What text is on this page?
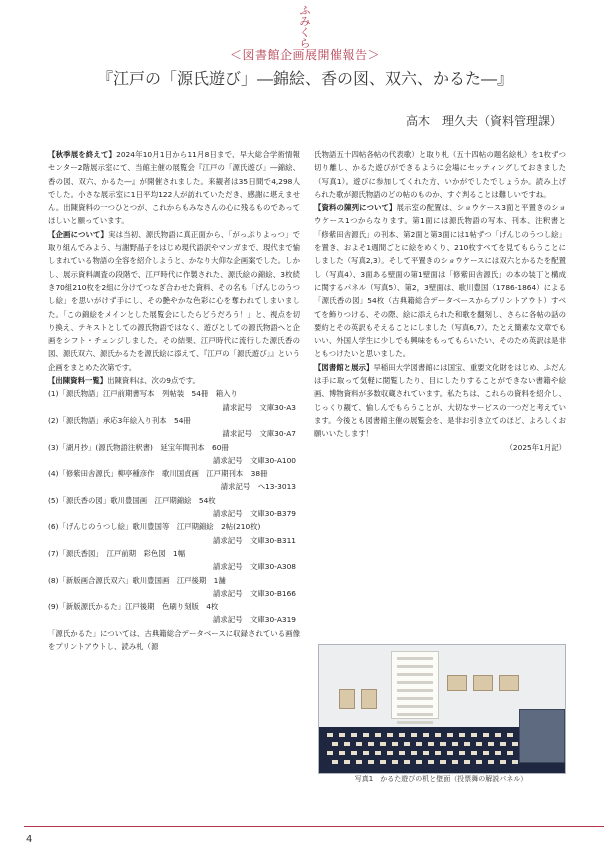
ふ
み
く
ら
＜図書館企画展開催報告＞
『江戸の「源氏遊び」―錦絵、香の図、双六、かるた―』
高木　理久夫（資料管理課）

【秋季展を終えて】2024年10月1日から11月8日まで、早大総合学術情報センター2階展示室にて、当館主催の展覧会『江戸の「源氏遊び」―錦絵、香の図、双六、かるた―』が開催されました。来観者は35日間で4,298人でした。小さな展示室に1日平均122人が訪れていただき、感謝に堪えません。出陳資料の一つひとつが、これからもみなさんの心に残るものであってほしいと願っています。

【企画について】実は当初、源氏物語に真正面から、「がっぷりよっつ」で取り組んでみよう、与謝野晶子をはじめ現代語訳やマンガまで、現代まで愉しまれている物語の全容を紹介しようと、かなり大仰な企画案でした。しかし、展示資料調査の段階で、江戸時代に作製された、源氏絵の錦絵、3枚続き70組210枚を2組に分けてつなぎ合わせた資料、その名も「げんじのうつし絵」を思いがけず手にし、その艶やかな色彩に心を奪われてしまいました。「この錦絵をメインとした展覧会にしたらどうだろう！」と、視点を切り換え、テキストとしての源氏物語ではなく、遊びとしての源氏物語へと企画をシフト・チェンジしました。その結果、江戸時代に流行した源氏香の図、源氏双六、源氏かるたを源氏絵に添えて、『江戸の「源氏遊び」』という企画をまとめた次第です。

【出陳資料一覧】出陳資料は、次の9点です。

(1)「源氏物語」江戸前期書写本　列帖装　54冊　箱入り
請求記号　文庫30-A3

(2)「源氏物語」承応3年絵入り刊本　54冊
請求記号　文庫30-A7

(3)「湖月抄」(源氏物語注釈書)　延宝年間刊本　60冊
請求記号　文庫30-A100

(4)「修紫田舎源氏」柳亭種彦作　歌川国貞画　江戸期刊本　38冊
請求記号　へ13-3013

(5)「源氏香の図」歌川豊国画　江戸期錦絵　54枚
請求記号　文庫30-B379

(6)「げんじのうつし絵」歌川豊国等　江戸期錦絵　2帖(210枚)
請求記号　文庫30-B311

(7)「源氏香図」　江戸前期　彩色図　1幅
請求記号　文庫30-A308

(8)「新版画合源氏双六」歌川豊国画　江戸後期　1舗
請求記号　文庫30-B166

(9)「新版源氏かるた」江戸後期　色刷り刻版　4枚
請求記号　文庫30-A319

「源氏かるた」については、古典籍総合データベースに収録されている画像をプリントアウトし、読み札（源

氏物語五十四帖各帖の代表歌）と取り札（五十四帖の題名絵札）を1枚ずつ切り離し、かるた遊びができるように会場にセッティングしておきました（写真1）。遊びに参加してくれた方、いかがでしたでしょうか。読み上げられた歌が源氏物語のどの帖のものか、すぐ判ることは難しいですね。

【資料の陳列について】展示室の配置は、ショウケース3面と平置きのショウケース1つからなります。第1面には源氏物語の写本、刊本、注釈書と「修紫田舎源氏」の刊本、第2面と第3面には1帖ずつ「げんじのうつし絵」を置き、およそ1週間ごとに絵をめくり、210枚すべてを見てもらうことにしました（写真2,3）。そして平置きのショウケースには双六とかるたを配置し（写真4）、3面ある壁面の第1壁面は「修紫田舎源氏」の本の装丁と構成に関するパネル（写真5）、第2，3壁面は、歌川豊国（1786-1864）による「源氏香の図」54枚（古典籍総合データベースからプリントアウト）すべてを飾りつける、その際、絵に添えられた和歌を翻刻し、さらに各帖の話の要約とその英訳もそえることにしました（写真6,7）。たとえ簡素な文章でもいい、外国人学生に少しでも興味をもってもらいたい、そのため英訳は是非ともつけたいと思いました。

【図書館と展示】早稲田大学図書館には国宝、重要文化財をはじめ、ふだんは手に取って気軽に閲覧したり、目にしたりすることができない書籍や絵画、博物資料が多数収蔵されています。私たちは、これらの資料を紹介し、じっくり観て、愉しんでもらうことが、大切なサービスの一つだと考えています。今後とも図書館主催の展覧会を、是非お引き立てのほど、よろしくお願いいたします！

（2025年1月記）

写真1　かるた遊びの机と壁面（投票舞の解説パネル）
4
